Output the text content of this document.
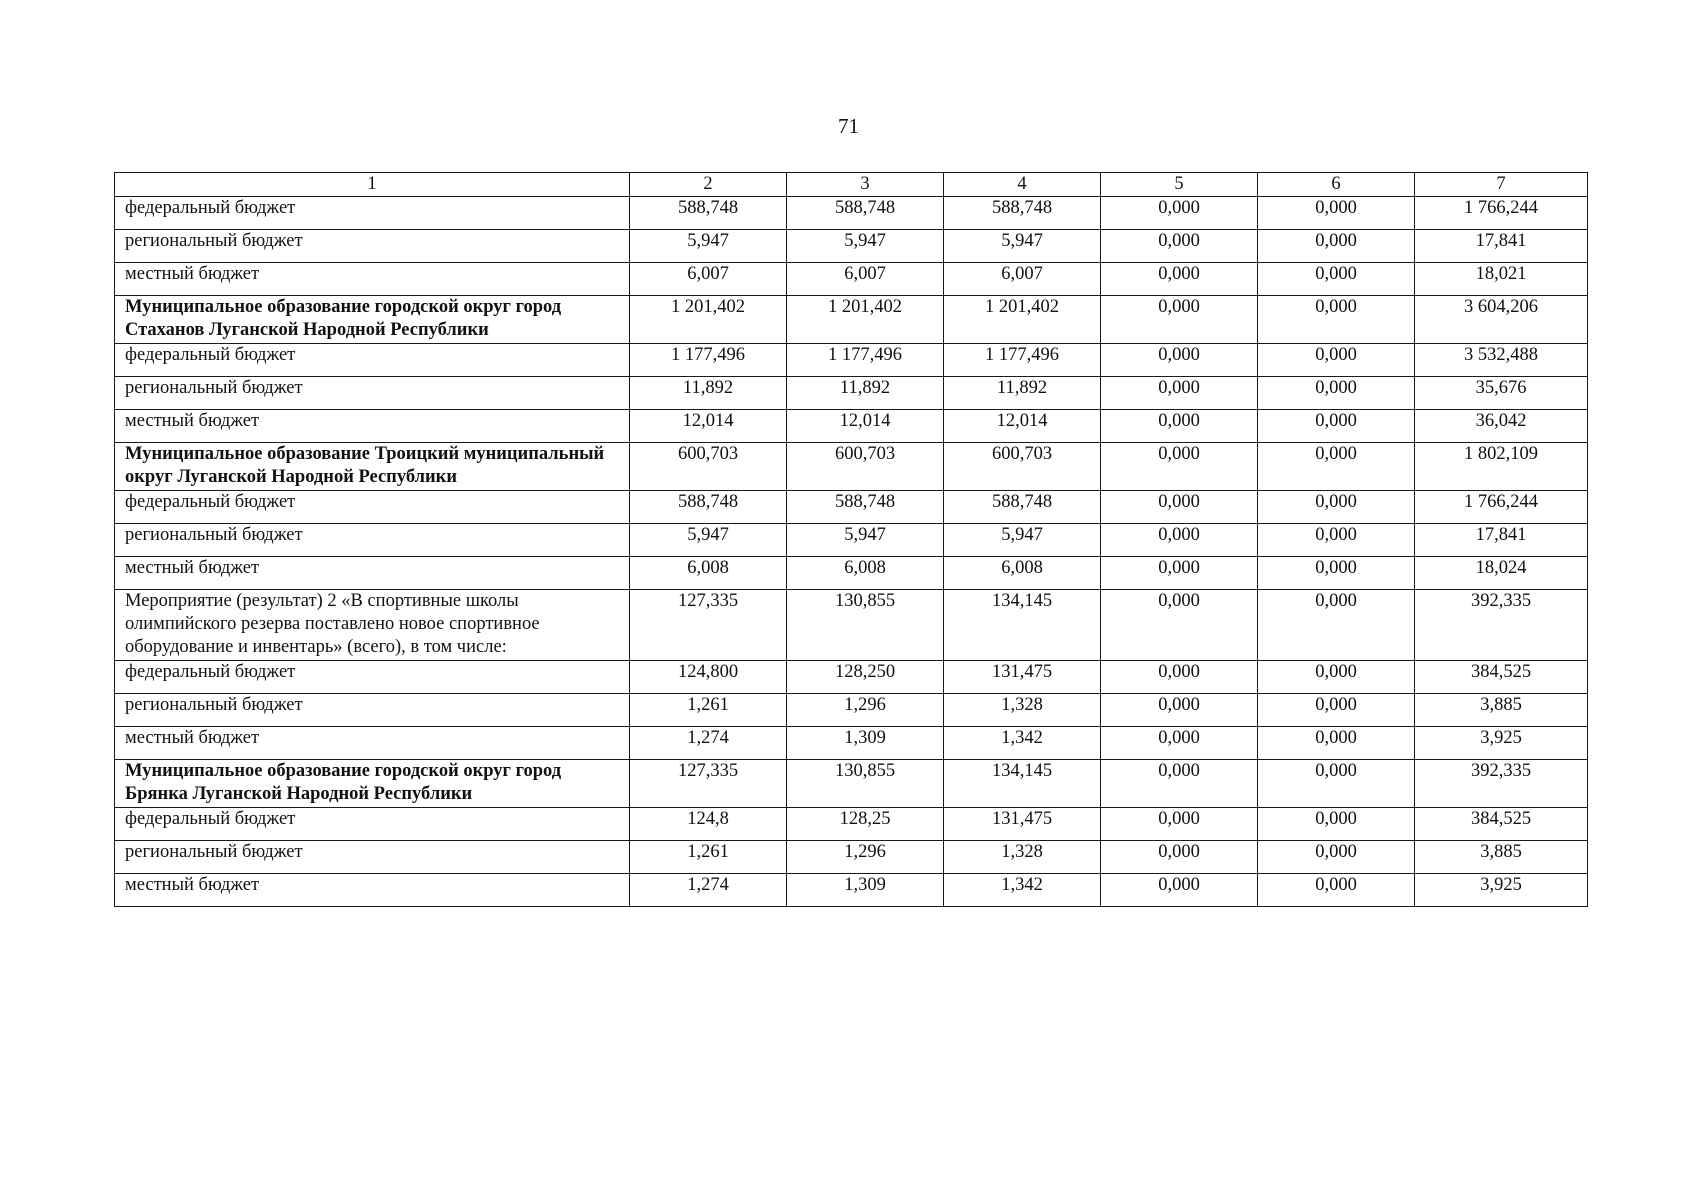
71
1	2	3	4	5	6	7
федеральный бюджет	588,748	588,748	588,748	0,000	0,000	1 766,244
региональный бюджет	5,947	5,947	5,947	0,000	0,000	17,841
местный бюджет	6,007	6,007	6,007	0,000	0,000	18,021
Муниципальное образование городской округ город Стаханов Луганской Народной Республики	1 201,402	1 201,402	1 201,402	0,000	0,000	3 604,206
федеральный бюджет	1 177,496	1 177,496	1 177,496	0,000	0,000	3 532,488
региональный бюджет	11,892	11,892	11,892	0,000	0,000	35,676
местный бюджет	12,014	12,014	12,014	0,000	0,000	36,042
Муниципальное образование Троицкий муниципальный округ Луганской Народной Республики	600,703	600,703	600,703	0,000	0,000	1 802,109
федеральный бюджет	588,748	588,748	588,748	0,000	0,000	1 766,244
региональный бюджет	5,947	5,947	5,947	0,000	0,000	17,841
местный бюджет	6,008	6,008	6,008	0,000	0,000	18,024
Мероприятие (результат) 2 «В спортивные школы олимпийского резерва поставлено новое спортивное оборудование и инвентарь» (всего), в том числе:	127,335	130,855	134,145	0,000	0,000	392,335
федеральный бюджет	124,800	128,250	131,475	0,000	0,000	384,525
региональный бюджет	1,261	1,296	1,328	0,000	0,000	3,885
местный бюджет	1,274	1,309	1,342	0,000	0,000	3,925
Муниципальное образование городской округ город Брянка Луганской Народной Республики	127,335	130,855	134,145	0,000	0,000	392,335
федеральный бюджет	124,8	128,25	131,475	0,000	0,000	384,525
региональный бюджет	1,261	1,296	1,328	0,000	0,000	3,885
местный бюджет	1,274	1,309	1,342	0,000	0,000	3,925
